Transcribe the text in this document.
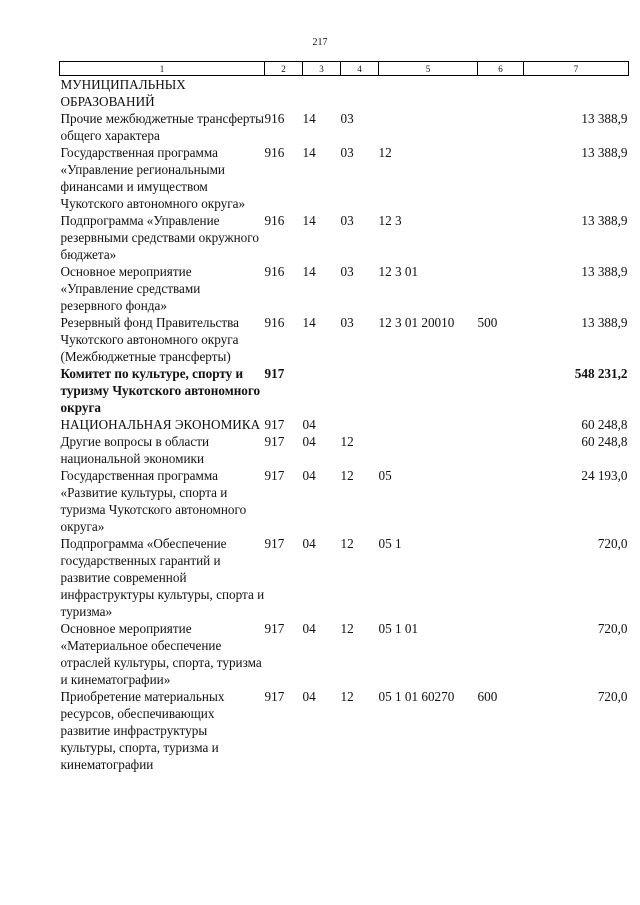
217
1	2	3	4	5	6	7
МУНИЦИПАЛЬНЫХ ОБРАЗОВАНИЙ						
Прочие межбюджетные трансферты общего характера	916	14	03			13 388,9
Государственная программа «Управление региональными финансами и имуществом Чукотского автономного округа»	916	14	03	12		13 388,9
Подпрограмма «Управление резервными средствами окружного бюджета»	916	14	03	12 3		13 388,9
Основное мероприятие «Управление средствами резервного фонда»	916	14	03	12 3 01		13 388,9
Резервный фонд Правительства Чукотского автономного округа (Межбюджетные трансферты)	916	14	03	12 3 01 20010	500	13 388,9
Комитет по культуре, спорту и туризму Чукотского автономного округа	917					548 231,2
НАЦИОНАЛЬНАЯ ЭКОНОМИКА	917	04				60 248,8
Другие вопросы в области национальной экономики	917	04	12			60 248,8
Государственная программа «Развитие культуры, спорта и туризма Чукотского автономного округа»	917	04	12	05		24 193,0
Подпрограмма «Обеспечение государственных гарантий и развитие современной инфраструктуры культуры, спорта и туризма»	917	04	12	05 1		720,0
Основное мероприятие «Материальное обеспечение отраслей культуры, спорта, туризма и кинематографии»	917	04	12	05 1 01		720,0
Приобретение материальных ресурсов, обеспечивающих развитие инфраструктуры культуры, спорта, туризма и кинематографии	917	04	12	05 1 01 60270	600	720,0
